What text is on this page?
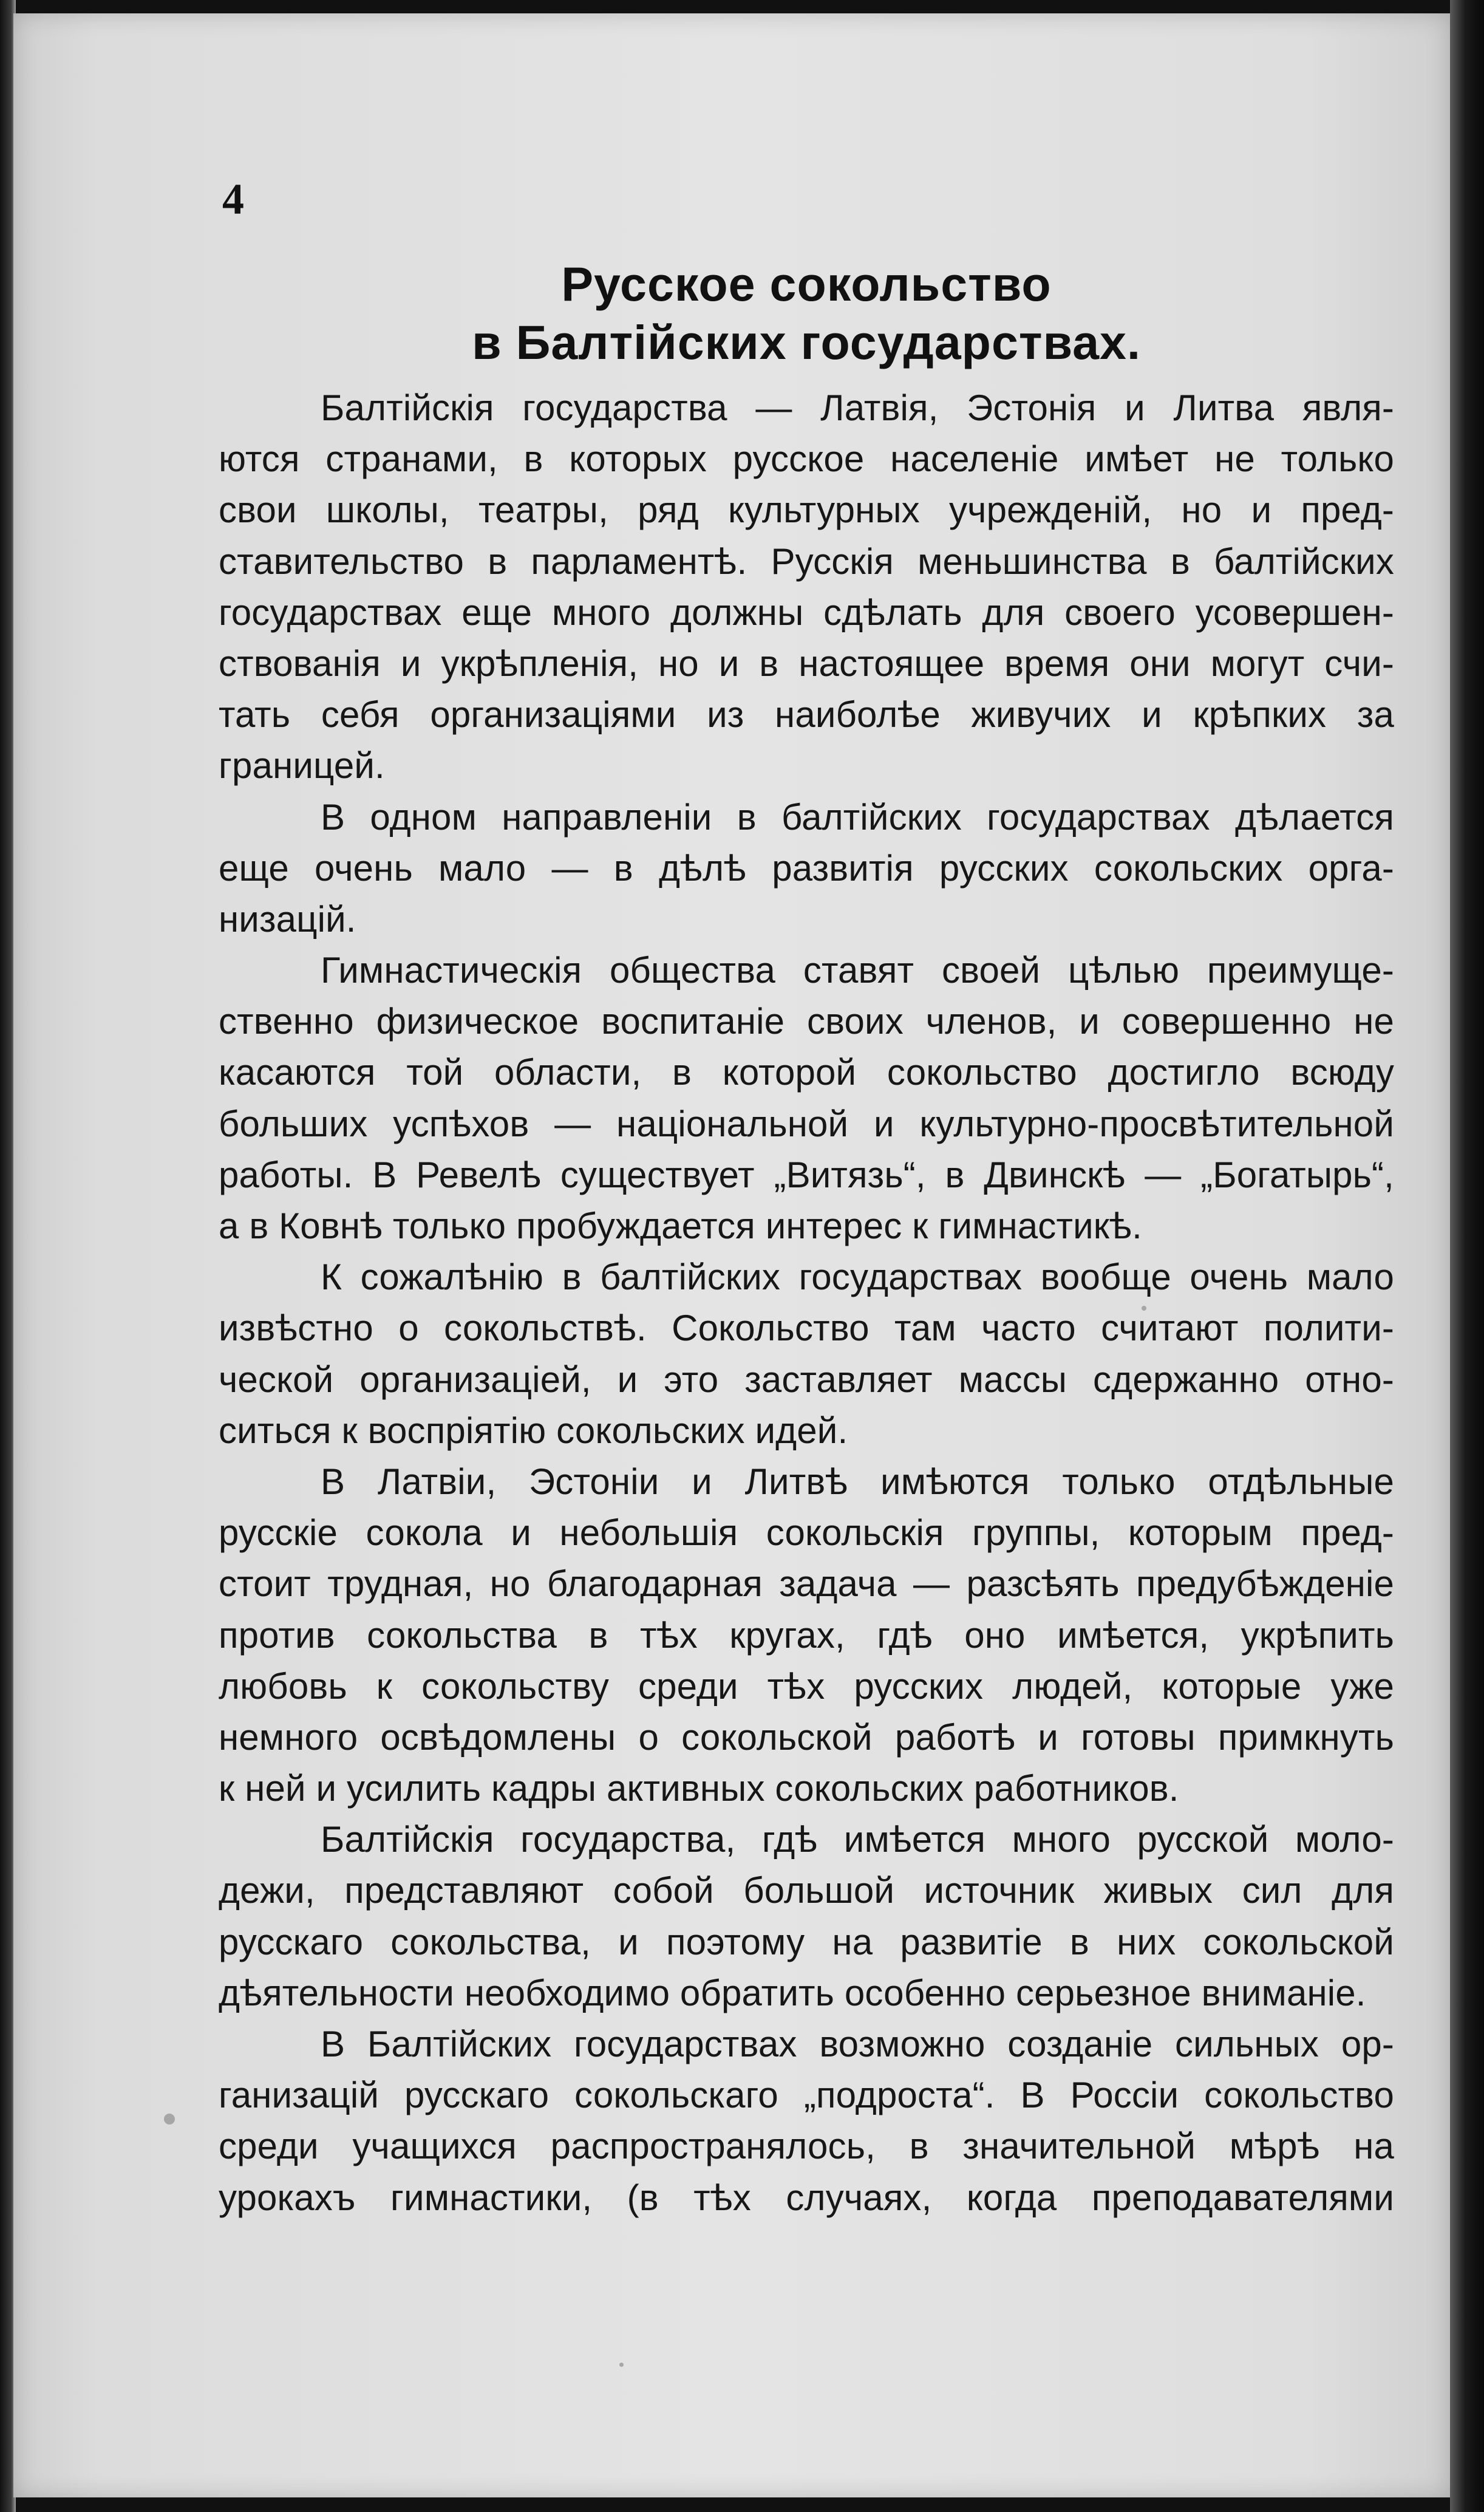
4
Русское сокольство
в Балтійских государствах.
Балтійскія государства — Латвія, Эстонія и Литва явля-
ются странами, в которых русское населеніе имѣет не только
свои школы, театры, ряд культурных учрежденій, но и пред-
ставительство в парламентѣ. Русскія меньшинства в балтійских
государствах еще много должны сдѣлать для своего усовершен-
ствованія и укрѣпленія, но и в настоящее время они могут счи-
тать себя организаціями из наиболѣе живучих и крѣпких за
границей.
В одном направленіи в балтійских государствах дѣлается
еще очень мало — в дѣлѣ развитія русских сокольских орга-
низацій.
Гимнастическія общества ставят своей цѣлью преимуще-
ственно физическое воспитаніе своих членов, и совершенно не
касаются той области, в которой сокольство достигло всюду
больших успѣхов — національной и культурно-просвѣтительной
работы. В Ревелѣ существует „Витязь“, в Двинскѣ — „Богатырь“,
а в Ковнѣ только пробуждается интерес к гимнастикѣ.
К сожалѣнію в балтійских государствах вообще очень мало
извѣстно о сокольствѣ. Сокольство там часто считают полити-
ческой организаціей, и это заставляет массы сдержанно отно-
ситься к воспріятію сокольских идей.
В Латвіи, Эстоніи и Литвѣ имѣются только отдѣльные
русскіе сокола и небольшія сокольскія группы, которым пред-
стоит трудная, но благодарная задача — разсѣять предубѣжденіе
против сокольства в тѣх кругах, гдѣ оно имѣется, укрѣпить
любовь к сокольству среди тѣх русских людей, которые уже
немного освѣдомлены о сокольской работѣ и готовы примкнуть
к ней и усилить кадры активных сокольских работников.
Балтійскія государства, гдѣ имѣется много русской моло-
дежи, представляют собой большой источник живых сил для
русскаго сокольства, и поэтому на развитіе в них сокольской
дѣятельности необходимо обратить особенно серьезное вниманіе.
В Балтійских государствах возможно созданіе сильных ор-
ганизацій русскаго сокольскаго „подроста“. В Россіи сокольство
среди учащихся распространялось, в значительной мѣрѣ на
урокахъ гимнастики, (в тѣх случаях, когда преподавателями
